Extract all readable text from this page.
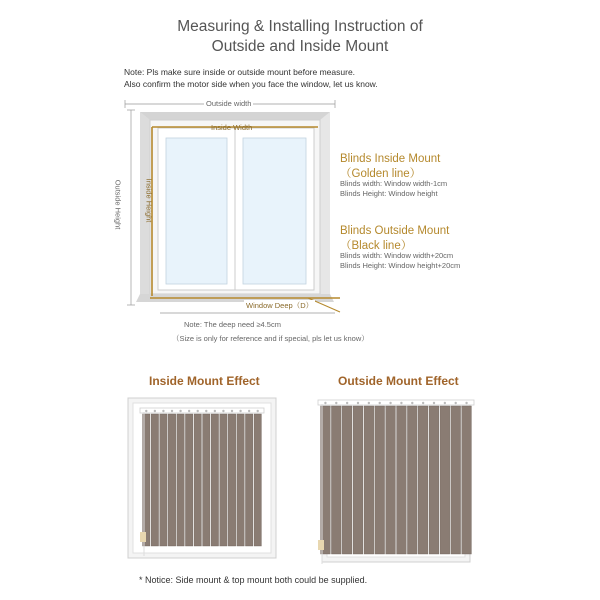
Measuring & Installing Instruction of
Outside and Inside Mount
Note: Pls make sure inside or outside mount before measure.
Also confirm the motor side when you face the window, let us know.
Outside width
Inside Width
Outside Height	Inside Height
Window Deep（D）
Note: The deep need ≥4.5cm
（Size is only for reference and if special, pls let us know）
Blinds Inside Mount
（Golden line）
Blinds width: Window width-1cm
Blinds Height: Window height
Blinds Outside Mount
（Black line）
Blinds width: Window width+20cm
Blinds Height: Window height+20cm
Inside Mount Effect	Outside Mount Effect
* Notice: Side mount & top mount both could be supplied.
